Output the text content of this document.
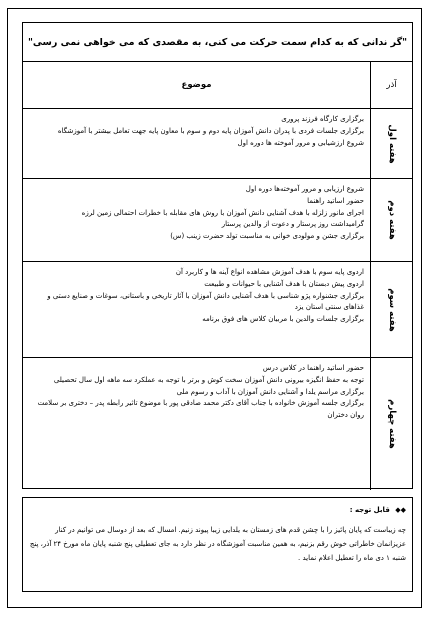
"گر ندانی که به کدام سمت حرکت می کنی، به مقصدی که می خواهی نمی رسی"
آذر
موضوع
هفته اول
برگزاری کارگاه فرزند پروری
برگزاری جلسات فردی با پدران دانش آموزان پایه دوم و سوم با معاون پایه جهت تعامل بیشتر با آموزشگاه
شروع ارزشیابی و مرور آموخته ها دوره اول
هفته دوم
شروع ارزیابی و مرور آموخته‌ها دوره اول
حضور اساتید راهنما
اجرای مانور زلزله با هدف آشنایی دانش آموزان با روش های مقابله با خطرات احتمالی زمین لرزه
گرامیداشت روز پرستار و دعوت از والدین پرستار
برگزاری جشن و مولودی خوانی به مناسبت تولد حضرت زینب (س)
هفته سوم
اردوی پایه سوم با هدف آموزش مشاهده انواع آینه ها و کاربرد آن
اردوی پیش دبستان با هدف آشنایی با حیوانات و طبیعت
برگزاری جشنواره پژو شناسی با هدف آشنایی دانش آموزان با آثار تاریخی و باستانی، سوغات و صنایع دستی و غذاهای سنتی استان یزد
برگزاری جلسات والدین با مربیان کلاس های فوق برنامه
هفته چهارم
حضور اساتید راهنما در کلاس درس
توجه به حفظ انگیزه بیرونی دانش آموزان سخت کوش و برتر با توجه به عملکرد سه ماهه اول سال تحصیلی
برگزاری مراسم یلدا و آشنایی دانش آموزان با آداب و رسوم ملی
برگزاری جلسه آموزش خانواده با جناب آقای دکتر محمد صادقی پور با موضوع تاثیر رابطه پدر – دختری بر سلامت روان دختران
◆◆ قابل توجه :
چه زیباست که پایان پائیز را با چشن قدم های زمستان به یلدایی زیبا پیوند زنیم. امسال که بعد از دوسال می توانیم در کنار عزیزانمان خاطراتی خوش رقم بزنیم، به همین مناسبت آموزشگاه در نظر دارد به جای تعطیلی پنج شنبه پایان ماه مورخ ۲۴ آذر، پنج شنبه ۱ دی ماه را تعطیل اعلام نماید .
